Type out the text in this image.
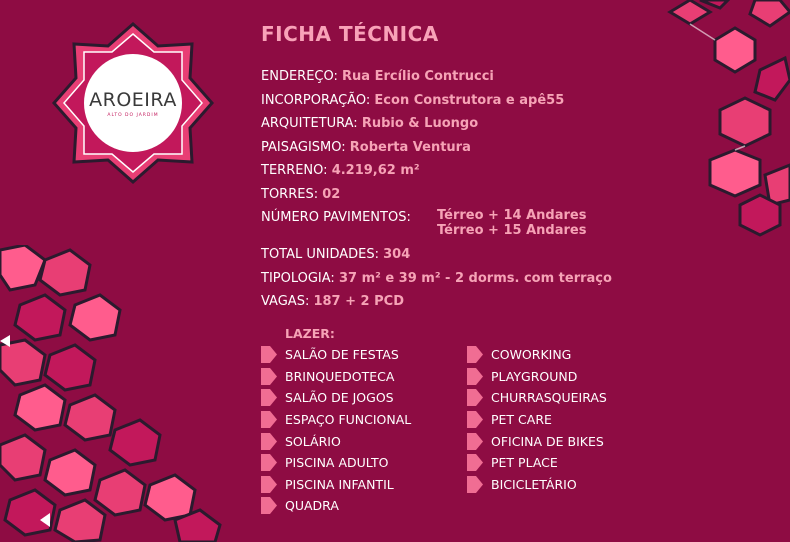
AROEIRA
ALTO DO JARDIM
FICHA TÉCNICA
ENDEREÇO: Rua Ercílio Contrucci
INCORPORAÇÃO: Econ Construtora e apê55
ARQUITETURA: Rubio & Luongo
PAISAGISMO: Roberta Ventura
TERRENO: 4.219,62 m²
TORRES: 02
NÚMERO PAVIMENTOS:
TOTAL UNIDADES: 304
TIPOLOGIA: 37 m² e 39 m² - 2 dorms. com terraço
VAGAS: 187 + 2 PCD
Térreo + 14 Andares
Térreo + 15 Andares
LAZER:
SALÃO DE FESTAS
BRINQUEDOTECA
SALÃO DE JOGOS
ESPAÇO FUNCIONAL
SOLÁRIO
PISCINA ADULTO
PISCINA INFANTIL
QUADRA
COWORKING
PLAYGROUND
CHURRASQUEIRAS
PET CARE
OFICINA DE BIKES
PET PLACE
BICICLETÁRIO
